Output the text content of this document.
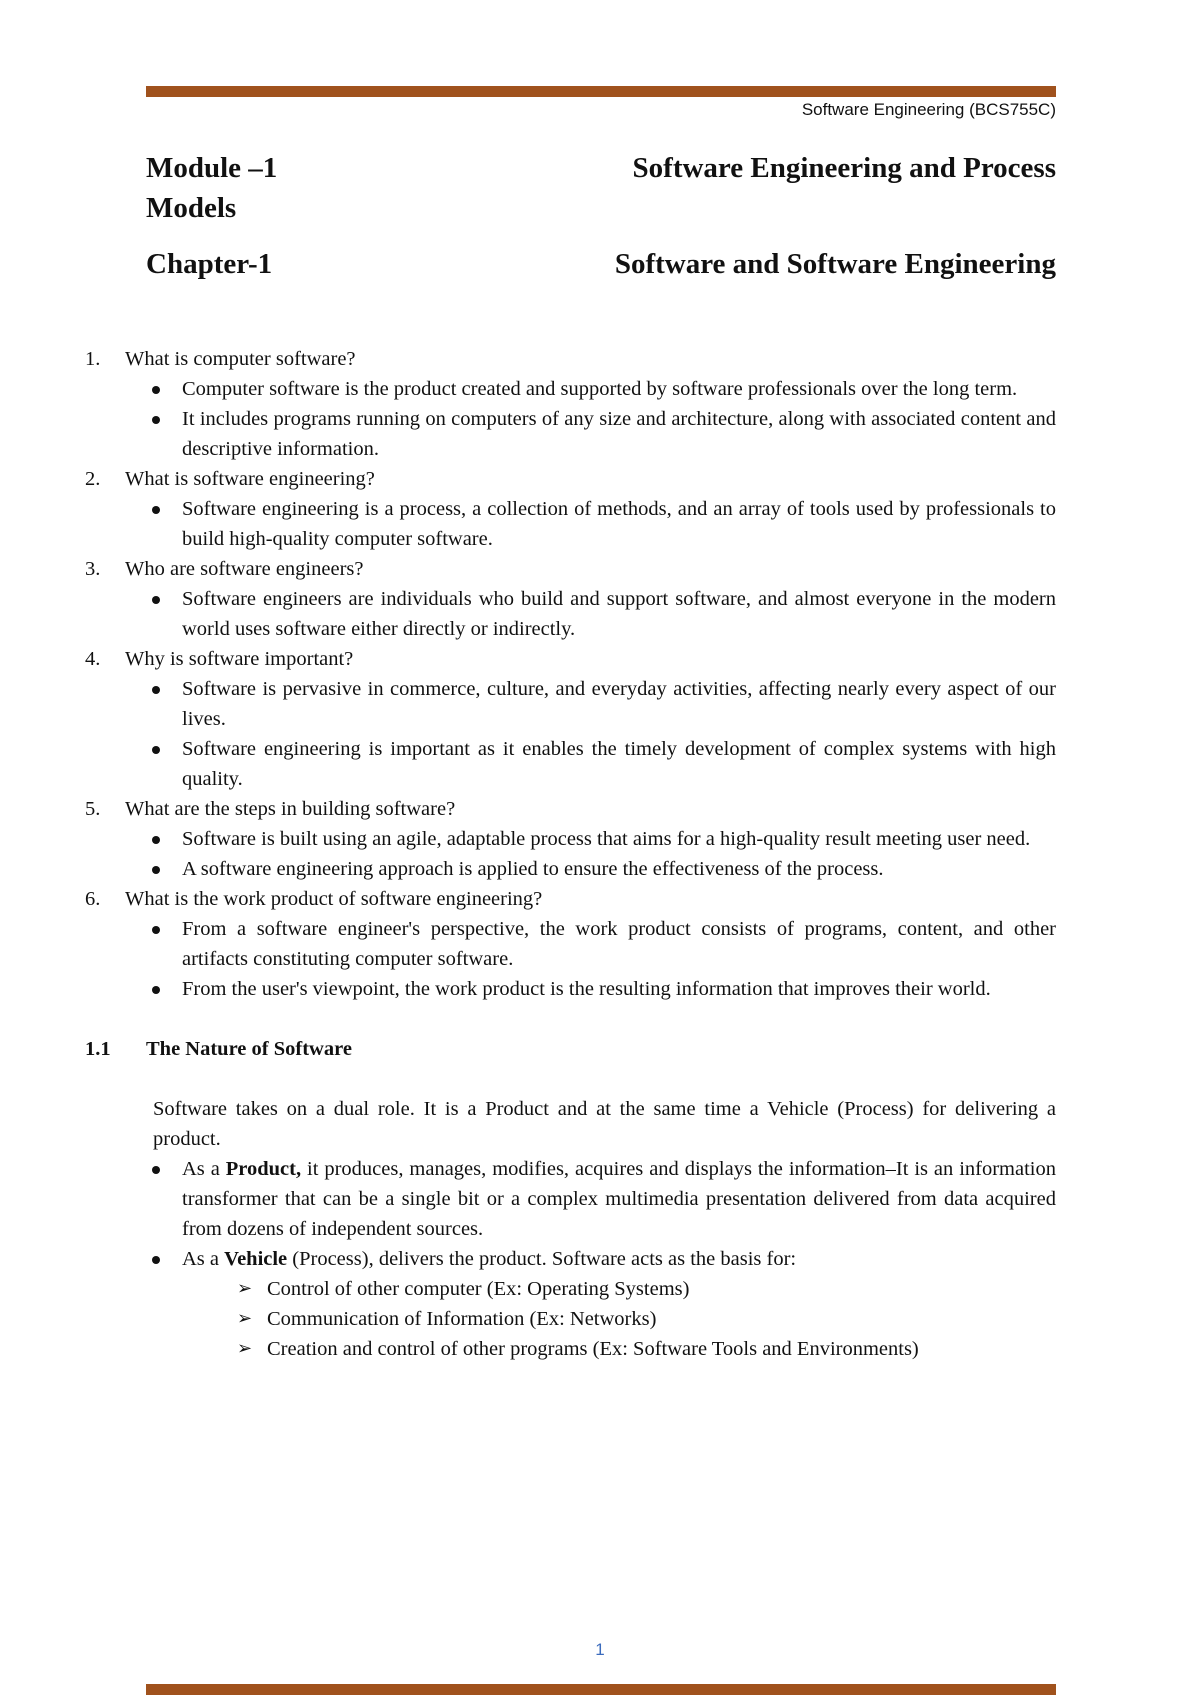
Software Engineering (BCS755C)
Module –1	Software Engineering and Process
Models
Chapter-1	Software and Software Engineering
1. What is computer software?
Computer software is the product created and supported by software professionals over the long term.
It includes programs running on computers of any size and architecture, along with associated content and descriptive information.
2. What is software engineering?
Software engineering is a process, a collection of methods, and an array of tools used by professionals to build high-quality computer software.
3. Who are software engineers?
Software engineers are individuals who build and support software, and almost everyone in the modern world uses software either directly or indirectly.
4. Why is software important?
Software is pervasive in commerce, culture, and everyday activities, affecting nearly every aspect of our lives.
Software engineering is important as it enables the timely development of complex systems with high quality.
5. What are the steps in building software?
Software is built using an agile, adaptable process that aims for a high-quality result meeting user need.
A software engineering approach is applied to ensure the effectiveness of the process.
6. What is the work product of software engineering?
From a software engineer's perspective, the work product consists of programs, content, and other artifacts constituting computer software.
From the user's viewpoint, the work product is the resulting information that improves their world.
1.1 The Nature of Software
Software takes on a dual role. It is a Product and at the same time a Vehicle (Process) for delivering a product.
As a Product, it produces, manages, modifies, acquires and displays the information–It is an information transformer that can be a single bit or a complex multimedia presentation delivered from data acquired from dozens of independent sources.
As a Vehicle (Process), delivers the product. Software acts as the basis for:
➢ Control of other computer (Ex: Operating Systems)
➢ Communication of Information (Ex: Networks)
➢ Creation and control of other programs (Ex: Software Tools and Environments)
1
